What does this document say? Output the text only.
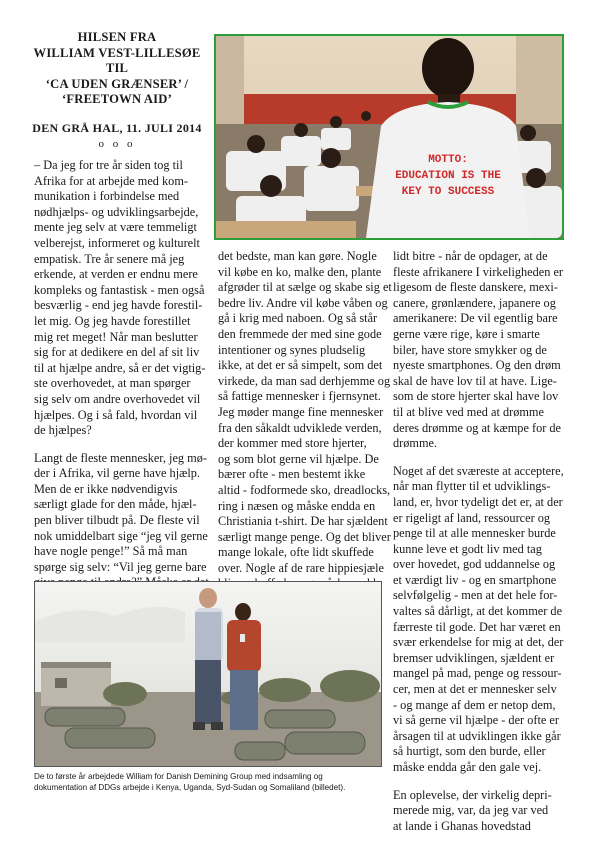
HILSEN FRA
WILLIAM VEST-LILLESØE
TIL
‘CA UDEN GRÆNSER’ /
‘FREETOWN AID’
DEN GRÅ HAL, 11. JULI 2014
o o o
MOTTO:
EDUCATION IS THE
KEY TO SUCCESS

– Da jeg for tre år siden tog til
Afrika for at arbejde med kom-
munikation i forbindelse med
nødhjælps- og udviklingsarbejde,
mente jeg selv at være temmeligt
velberejst, informeret og kulturelt
empatisk. Tre år senere må jeg
erkende, at verden er endnu mere
kompleks og fantastisk - men også
besværlig - end jeg havde forestil-
let mig. Og jeg havde forestillet
mig ret meget! Når man beslutter
sig for at dedikere en del af sit liv
til at hjælpe andre, så er det vigtig-
ste overhovedet, at man spørger
sig selv om andre overhovedet vil
hjælpes. Og i så fald, hvordan vil
de hjælpes?

Langt de fleste mennesker, jeg mø-
der i Afrika, vil gerne have hjælp.
Men de er ikke nødvendigvis
særligt glade for den måde, hjæl-
pen bliver tilbudt på. De fleste vil
nok umiddelbart sige “jeg vil gerne
have nogle penge!” Så må man
spørge sig selv: “Vil jeg gerne bare

det bedste, man kan gøre. Nogle
vil købe en ko, malke den, plante
afgrøder til at sælge og skabe sig et
bedre liv. Andre vil købe våben og
gå i krig med naboen. Og så står
den fremmede der med sine gode
intentioner og synes pludselig
ikke, at det er så simpelt, som det
virkede, da man sad derhjemme og
så fattige mennesker i fjernsynet.
Jeg møder mange fine mennesker
fra den såkaldt udviklede verden,
der kommer med store hjerter,
og som blot gerne vil hjælpe. De
bærer ofte - men bestemt ikke
altid - fodformede sko, dreadlocks,
ring i næsen og måske endda en
Christiania t-shirt. De har sjældent
særligt mange penge. Og det bliver
mange lokale, ofte lidt skuffede
over. Nogle af de rare hippiesjæle

lidt bitre - når de opdager, at de
fleste afrikanere I virkeligheden er
ligesom de fleste danskere, mexi-
canere, grønlændere, japanere og
amerikanere: De vil egentlig bare
gerne være rige, køre i smarte
biler, have store smykker og de
nyeste smartphones. Og den drøm
skal de have lov til at have. Lige-
som de store hjerter skal have lov
til at blive ved med at drømme
deres drømme og at kæmpe for de
drømme.

Noget af det sværeste at acceptere,
når man flytter til et udviklings-
land, er, hvor tydeligt det er, at der
er rigeligt af land, ressourcer og
penge til at alle mennesker burde
kunne leve et godt liv med tag
over hovedet, god uddannelse og
et værdigt liv - og en smartphone
selvfølgelig - men at det hele for-
valtes så dårligt, at det kommer de
færreste til gode. Det har været en
svær erkendelse for mig at det, der
bremser udviklingen, sjældent er
mangel på mad, penge og ressour-
cer, men at det er mennesker selv
- og mange af dem er netop dem,
vi så gerne vil hjælpe - der ofte er
årsagen til at udviklingen ikke går
så hurtigt, som den burde, eller
måske endda går den gale vej.

En oplevelse, der virkelig depri-
merede mig, var, da jeg var ved
at lande i Ghanas hovedstad

De to første år arbejdede William for Danish Demining Group med indsamling og
dokumentation af DDGs arbejde i Kenya, Uganda, Syd-Sudan og Somaliland (billedet).
